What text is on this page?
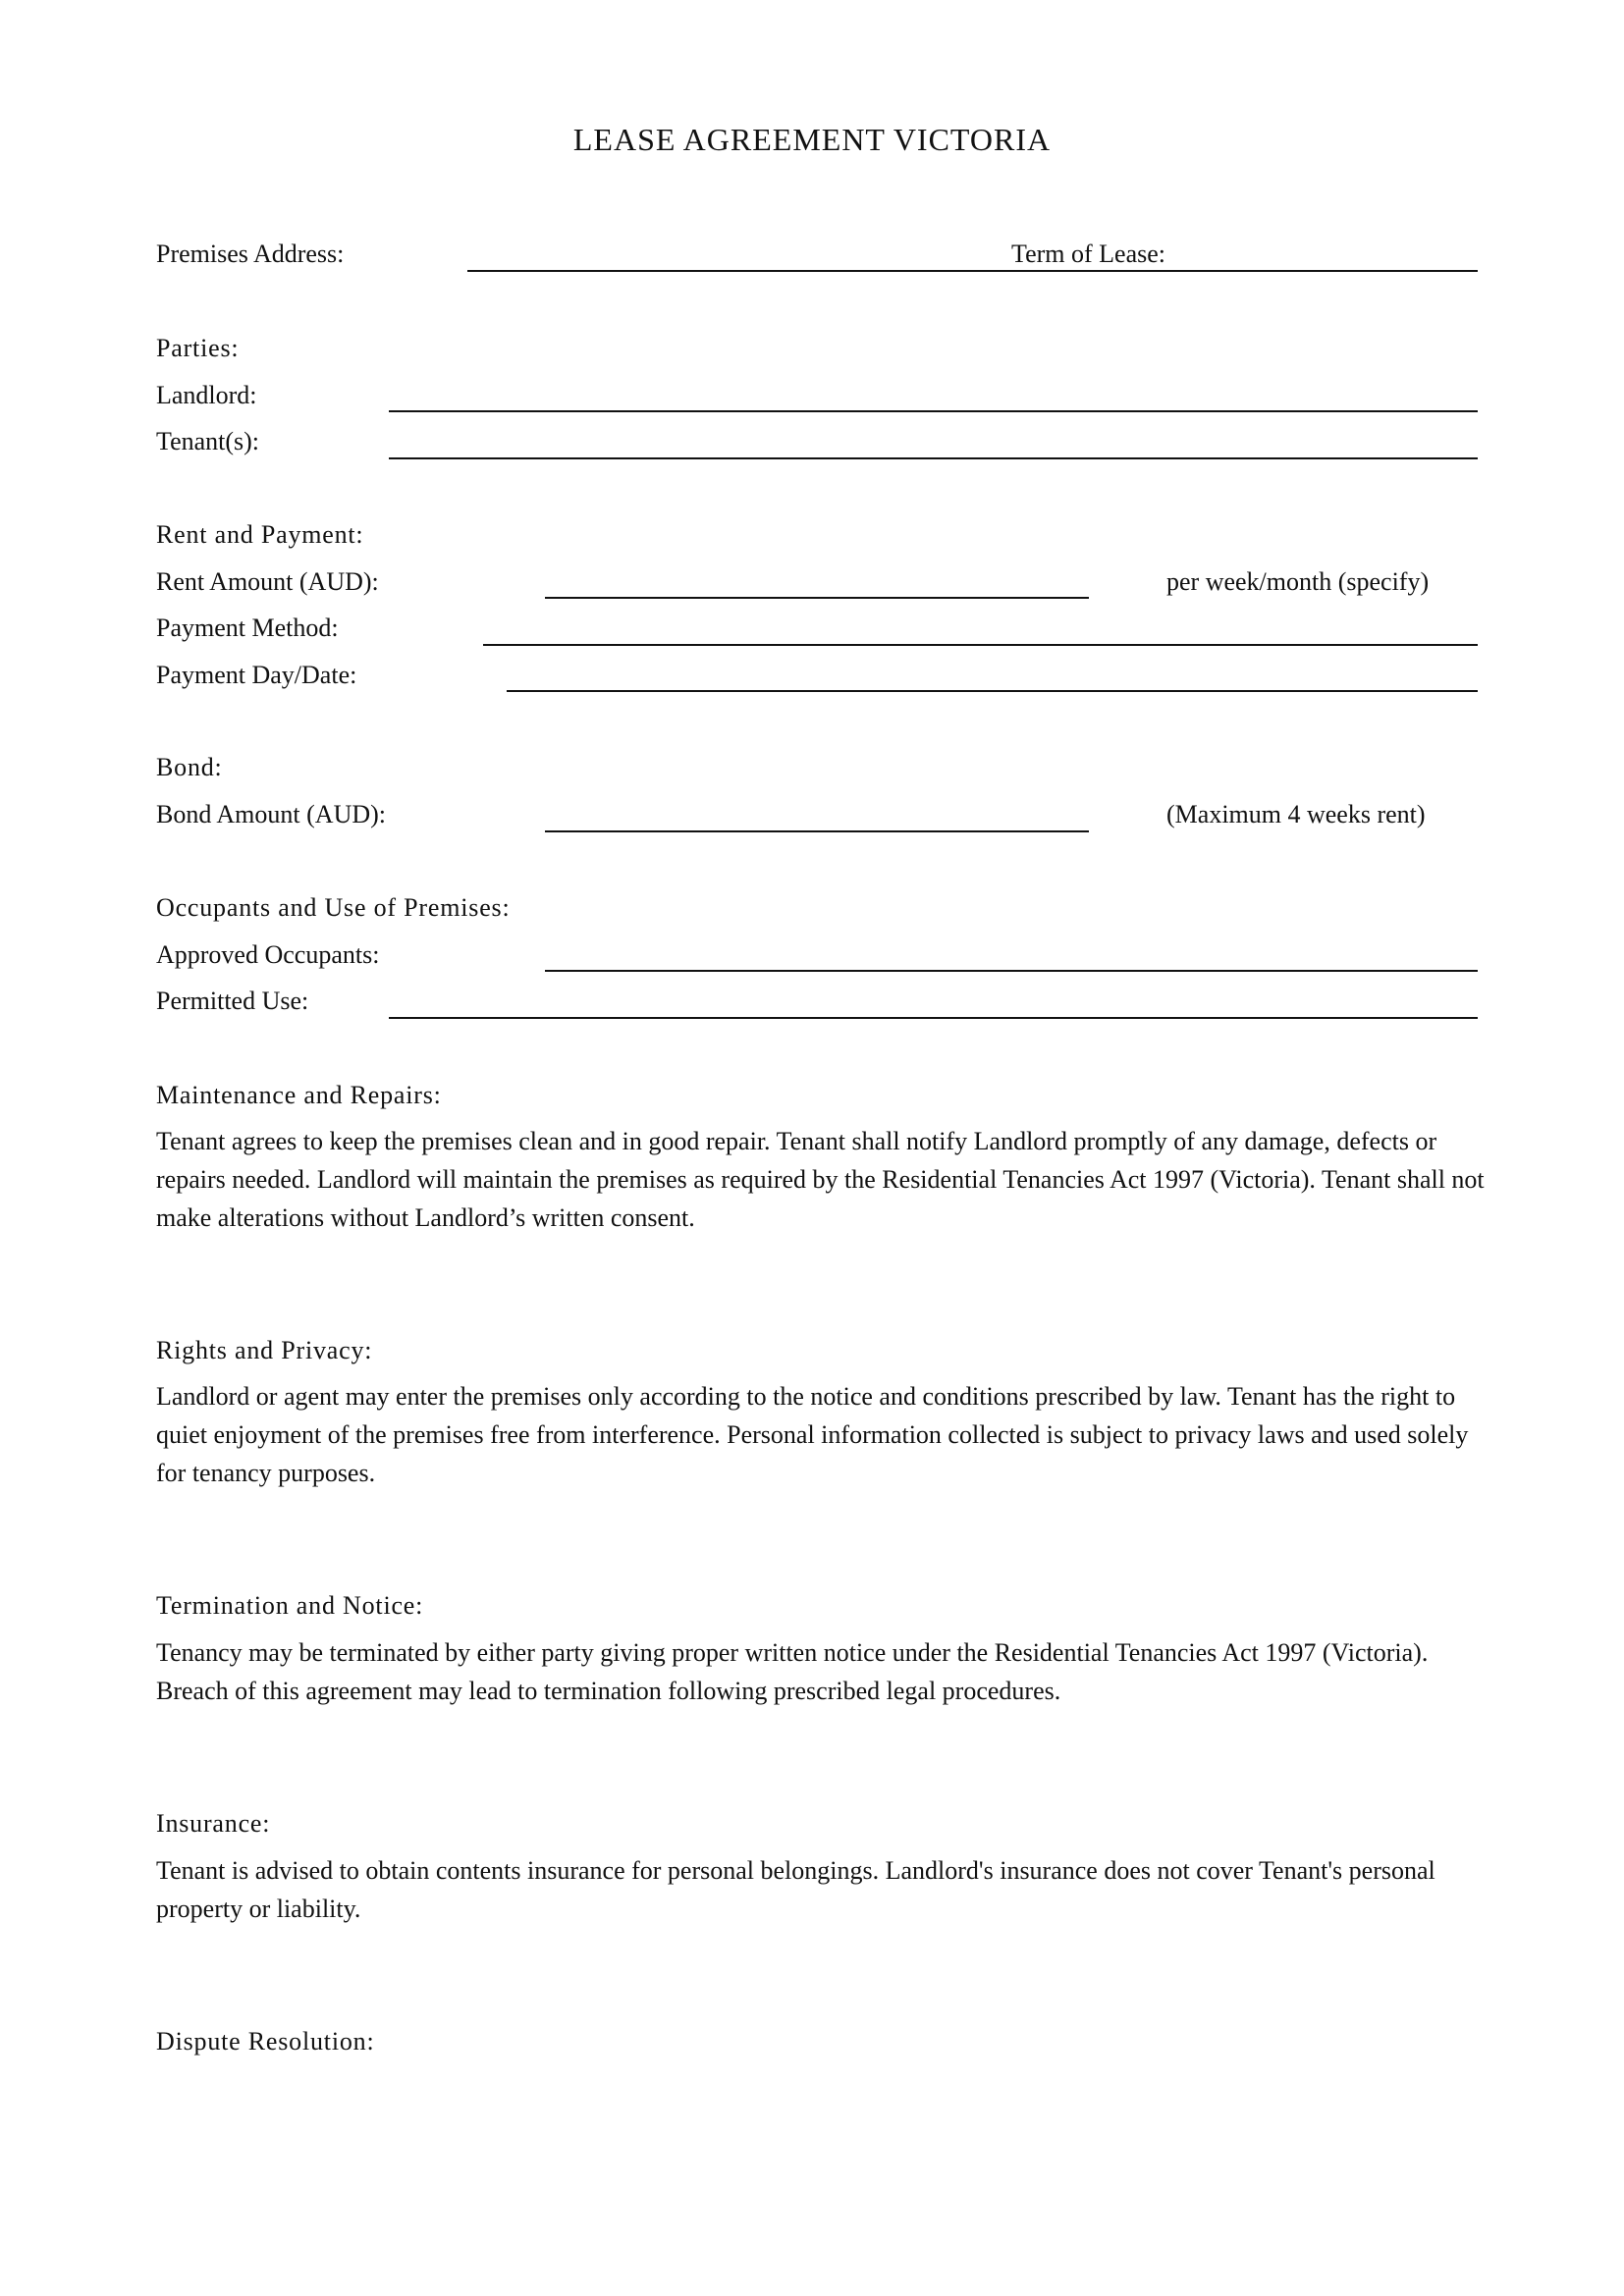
LEASE AGREEMENT VICTORIA
Premises Address:	Term of Lease:
Parties:
Landlord:
Tenant(s):
Rent and Payment:
Rent Amount (AUD):	per week/month (specify)
Payment Method:
Payment Day/Date:
Bond:
Bond Amount (AUD):	(Maximum 4 weeks rent)
Occupants and Use of Premises:
Approved Occupants:
Permitted Use:
Maintenance and Repairs:
Tenant agrees to keep the premises clean and in good repair. Tenant shall notify Landlord promptly of any damage, defects or repairs needed. Landlord will maintain the premises as required by the Residential Tenancies Act 1997 (Victoria). Tenant shall not make alterations without Landlord’s written consent.
Rights and Privacy:
Landlord or agent may enter the premises only according to the notice and conditions prescribed by law. Tenant has the right to quiet enjoyment of the premises free from interference. Personal information collected is subject to privacy laws and used solely for tenancy purposes.
Termination and Notice:
Tenancy may be terminated by either party giving proper written notice under the Residential Tenancies Act 1997 (Victoria). Breach of this agreement may lead to termination following prescribed legal procedures.
Insurance:
Tenant is advised to obtain contents insurance for personal belongings. Landlord's insurance does not cover Tenant's personal property or liability.
Dispute Resolution:
